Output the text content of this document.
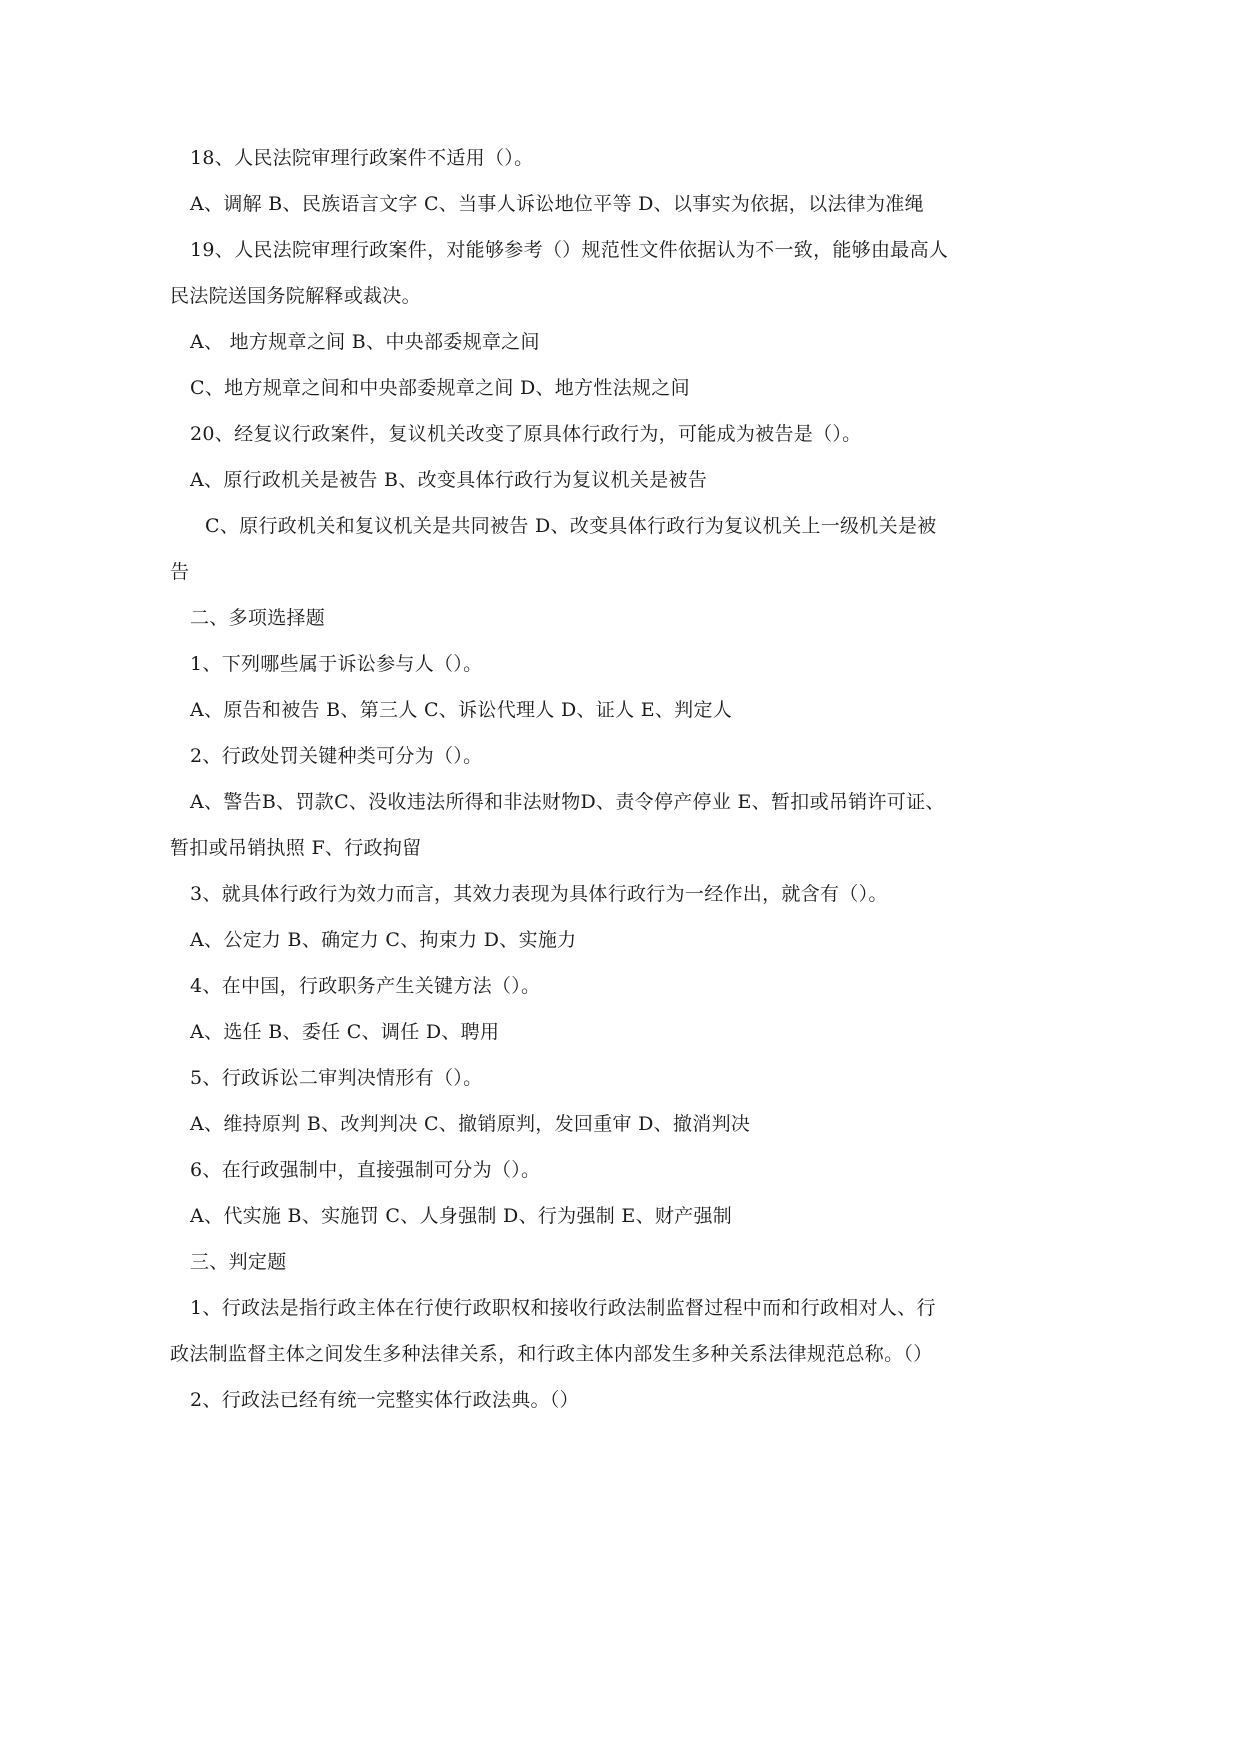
18、人民法院审理行政案件不适用（）。
A、调解 B、民族语言文字 C、当事人诉讼地位平等 D、以事实为依据，以法律为准绳
19、人民法院审理行政案件，对能够参考（）规范性文件依据认为不一致，能够由最高人
民法院送国务院解释或裁决。
A、 地方规章之间 B、中央部委规章之间
C、地方规章之间和中央部委规章之间 D、地方性法规之间
20、经复议行政案件，复议机关改变了原具体行政行为，可能成为被告是（）。
A、原行政机关是被告 B、改变具体行政行为复议机关是被告
C、原行政机关和复议机关是共同被告 D、改变具体行政行为复议机关上一级机关是被
告
二、多项选择题
1、下列哪些属于诉讼参与人（）。
A、原告和被告 B、第三人 C、诉讼代理人 D、证人 E、判定人
2、行政处罚关键种类可分为（）。
A、警告B、罚款C、没收违法所得和非法财物D、责令停产停业 E、暂扣或吊销许可证、
暂扣或吊销执照 F、行政拘留
3、就具体行政行为效力而言，其效力表现为具体行政行为一经作出，就含有（）。
A、公定力 B、确定力 C、拘束力 D、实施力
4、在中国，行政职务产生关键方法（）。
A、选任 B、委任 C、调任 D、聘用
5、行政诉讼二审判决情形有（）。
A、维持原判 B、改判判决 C、撤销原判，发回重审 D、撤消判决
6、在行政强制中，直接强制可分为（）。
A、代实施 B、实施罚 C、人身强制 D、行为强制 E、财产强制
三、判定题
1、行政法是指行政主体在行使行政职权和接收行政法制监督过程中而和行政相对人、行
政法制监督主体之间发生多种法律关系，和行政主体内部发生多种关系法律规范总称。（）
2、行政法已经有统一完整实体行政法典。（）
